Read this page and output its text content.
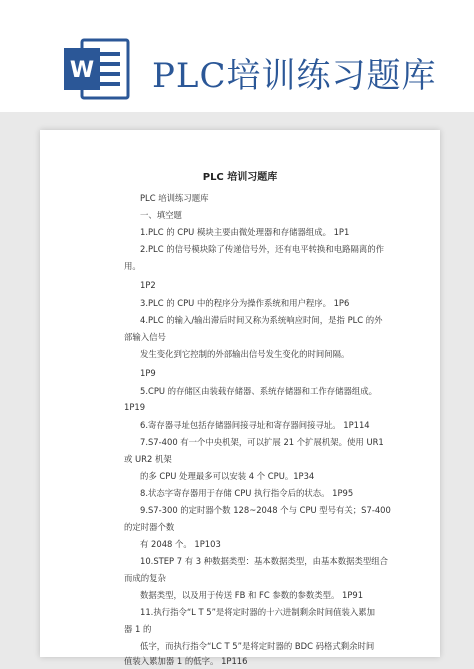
W PLC培训练习题库
PLC 培训习题库
PLC 培训练习题库
一、填空题
1.PLC 的 CPU 模块主要由微处理器和存储器组成。 1P1
2.PLC 的信号模块除了传递信号外，还有电平转换和电路隔离的作
用。
1P2
3.PLC 的 CPU 中的程序分为操作系统和用户程序。 1P6
4.PLC 的输入/输出滞后时间又称为系统响应时间，是指 PLC 的外
部输入信号
发生变化到它控制的外部输出信号发生变化的时间间隔。
1P9
5.CPU 的存储区由装载存储器、系统存储器和工作存储器组成。
1P19
6.寄存器寻址包括存储器间接寻址和寄存器间接寻址。 1P114
7.S7-400 有一个中央机架，可以扩展 21 个扩展机架。使用 UR1
或 UR2 机架
的多 CPU 处理最多可以安装 4 个 CPU。1P34
8.状态字寄存器用于存储 CPU 执行指令后的状态。 1P95
9.S7-300 的定时器个数 128~2048 个与 CPU 型号有关；S7-400
的定时器个数
有 2048 个。 1P103
10.STEP 7 有 3 种数据类型：基本数据类型，由基本数据类型组合
而成的复杂
数据类型，以及用于传送 FB 和 FC 参数的参数类型。 1P91
11.执行指令“L T 5”是将定时器的十六进制剩余时间值装入累加
器 1 的
低字，而执行指令“LC T 5”是将定时器的 BDC 码格式剩余时间
值装入累加器 1 的低字。 1P116
